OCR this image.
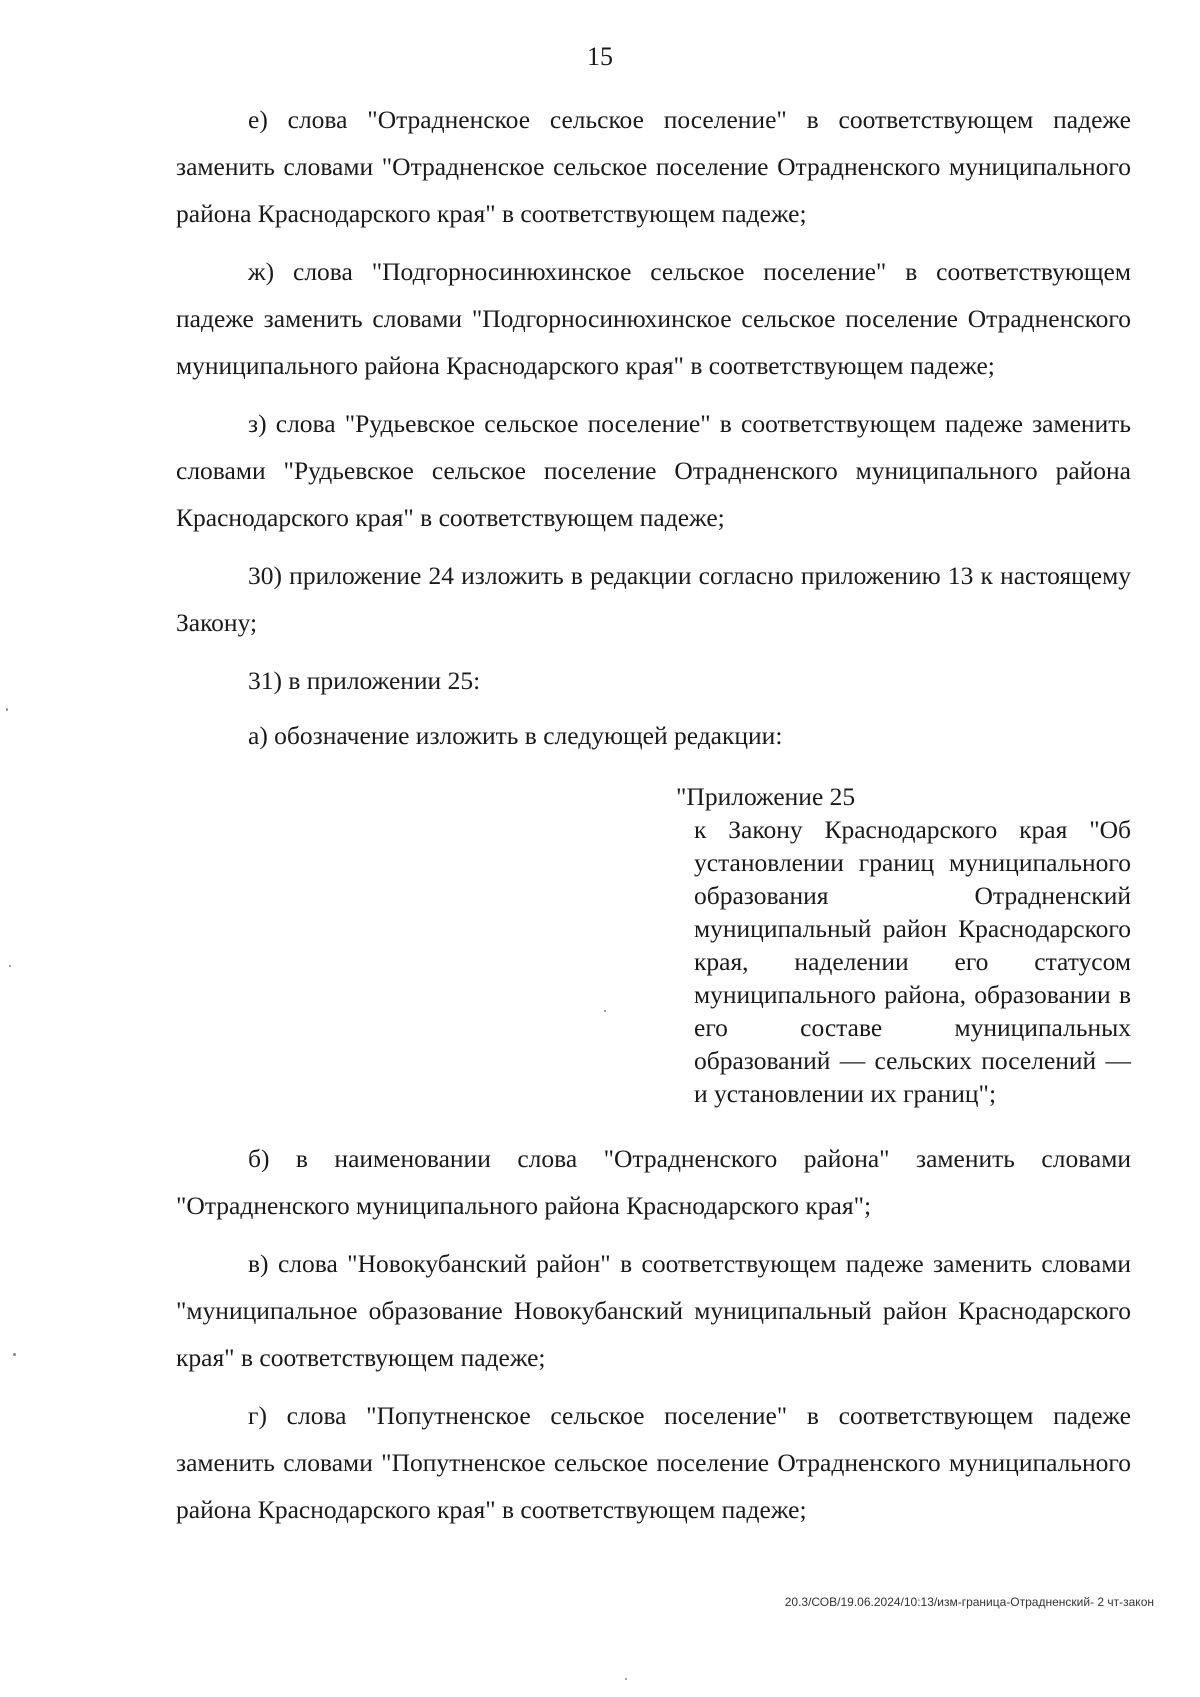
15

е) слова "Отрадненское сельское поселение" в соответствующем падеже заменить словами "Отрадненское сельское поселение Отрадненского муниципального района Краснодарского края" в соответствующем падеже;

ж) слова "Подгорносинюхинское сельское поселение" в соответствующем падеже заменить словами "Подгорносинюхинское сельское поселение Отрадненского муниципального района Краснодарского края" в соответствующем падеже;

з) слова "Рудьевское сельское поселение" в соответствующем падеже заменить словами "Рудьевское сельское поселение Отрадненского муниципального района Краснодарского края" в соответствующем падеже;

30) приложение 24 изложить в редакции согласно приложению 13 к настоящему Закону;

31) в приложении 25:

а) обозначение изложить в следующей редакции:

"Приложение 25

к Закону Краснодарского края "Об установлении границ муниципального образования Отрадненский муниципальный район Краснодарского края, наделении его статусом муниципального района, образовании в его составе муниципальных образований — сельских поселений — и установлении их границ";

б) в наименовании слова "Отрадненского района" заменить словами "Отрадненского муниципального района Краснодарского края";

в) слова "Новокубанский район" в соответствующем падеже заменить словами "муниципальное образование Новокубанский муниципальный район Краснодарского края" в соответствующем падеже;

г) слова "Попутненское сельское поселение" в соответствующем падеже заменить словами "Попутненское сельское поселение Отрадненского муниципального района Краснодарского края" в соответствующем падеже;

20.3/СОВ/19.06.2024/10:13/изм-граница-Отрадненский- 2 чт-закон
